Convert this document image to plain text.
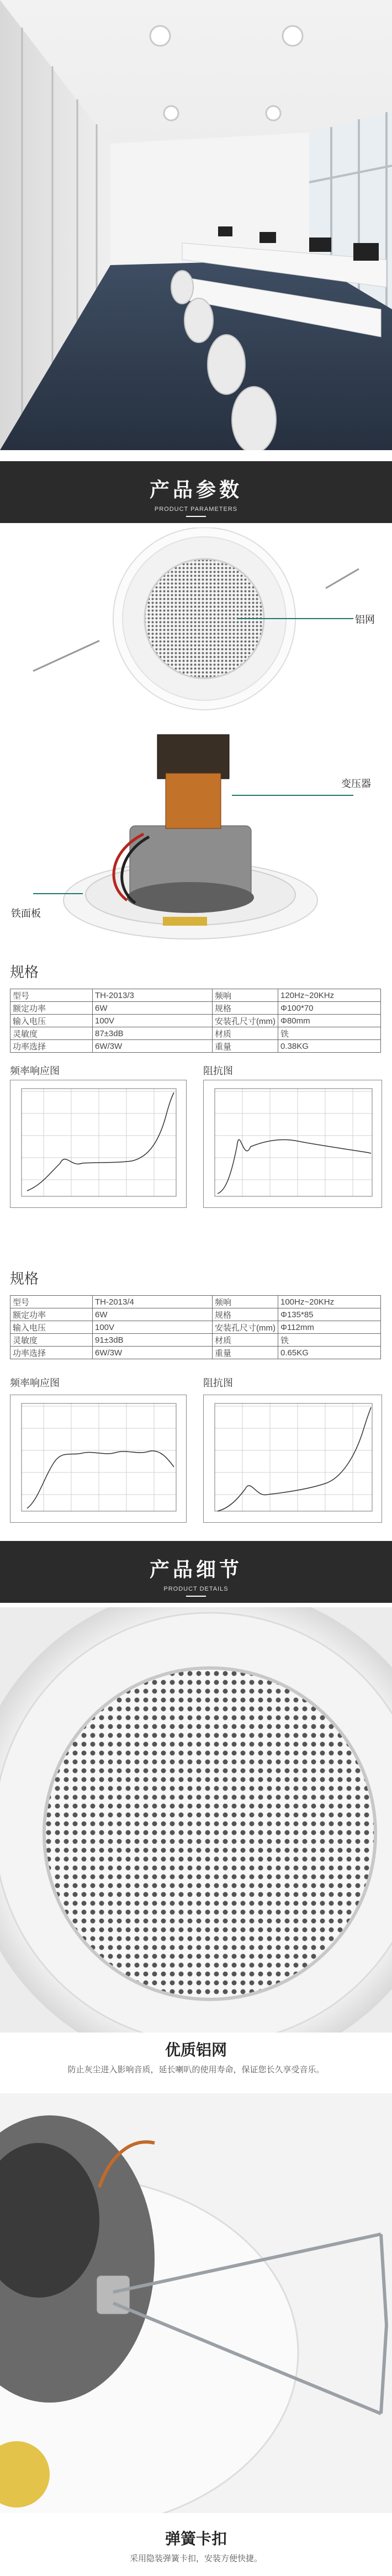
产品参数
PRODUCT PARAMETERS
铝网
变压器
铁面板
规格
型号	TH-2013/3	频响	120Hz~20KHz
额定功率	6W	规格	Φ100*70
输入电压	100V	安装孔尺寸(mm)	Φ80mm
灵敏度	87±3dB	材质	铁
功率选择	6W/3W	重量	0.38KG
频率响应图	阻抗图
规格
型号	TH-2013/4	频响	100Hz~20KHz
额定功率	6W	规格	Φ135*85
输入电压	100V	安装孔尺寸(mm)	Φ112mm
灵敏度	91±3dB	材质	铁
功率选择	6W/3W	重量	0.65KG
频率响应图	阻抗图
产品细节
PRODUCT DETAILS
优质铝网
防止灰尘进入影响音质，延长喇叭的使用寿命，保证您长久享受音乐。
弹簧卡扣
采用隐装弹簧卡扣，安装方便快捷。
